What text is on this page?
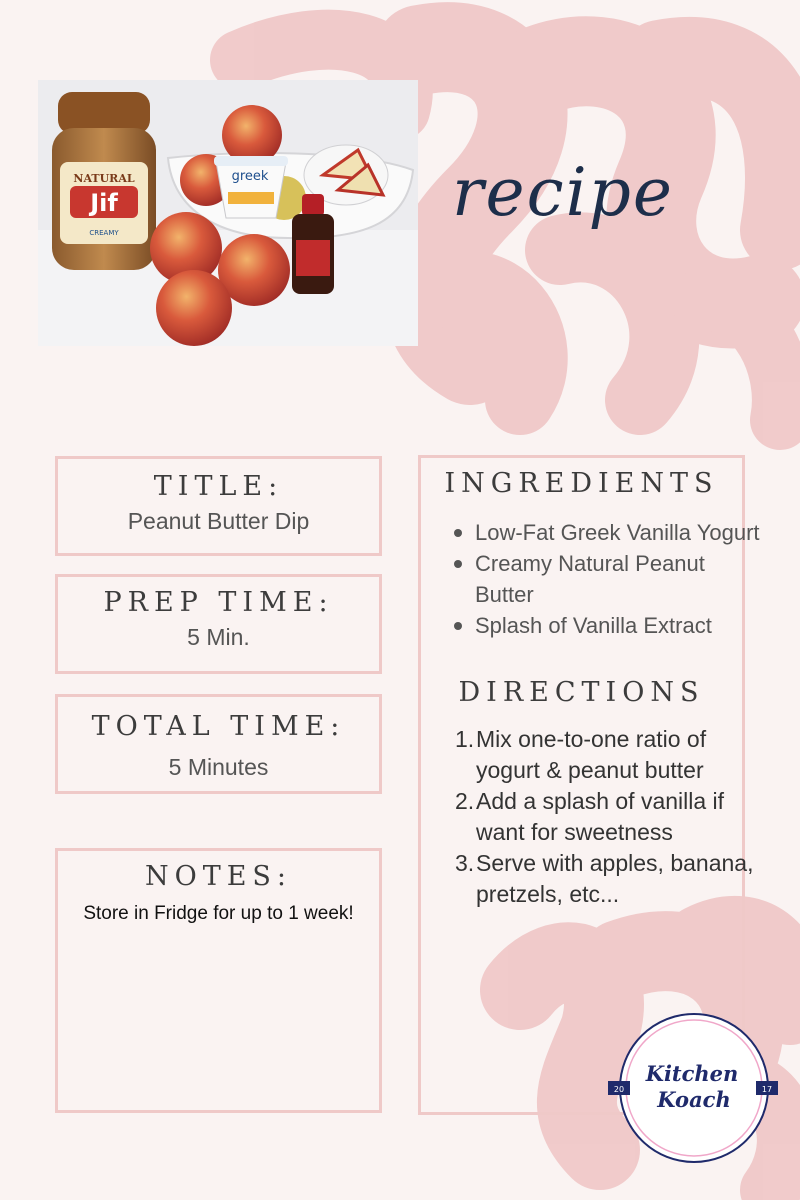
NATURAL
Jif
CREAMY
greek	recipe
TITLE:
Peanut Butter Dip
PREP TIME:
5 Min.
TOTAL TIME:
5 Minutes
NOTES:
Store in Fridge for up to 1 week!
INGREDIENTS
Low-Fat Greek Vanilla Yogurt
Creamy Natural Peanut Butter
Splash of Vanilla Extract
DIRECTIONS
1. Mix one-to-one ratio of yogurt & peanut butter
2. Add a splash of vanilla if want for sweetness
3. Serve with apples, banana, pretzels, etc...
20	17
Kitchen
Koach
